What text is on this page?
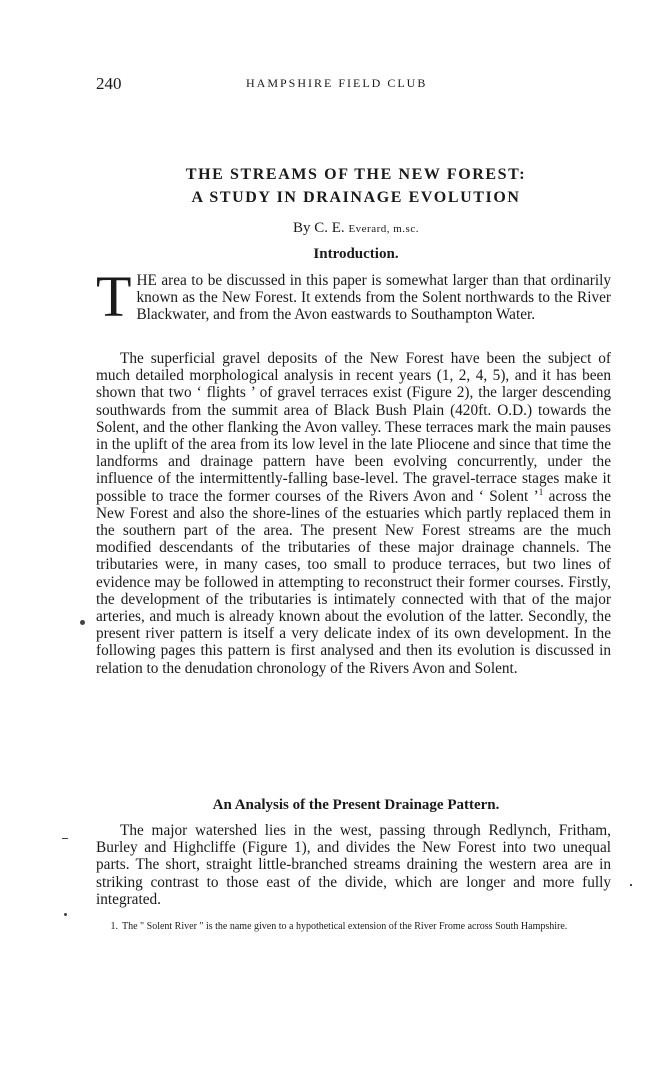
240	HAMPSHIRE FIELD CLUB
THE STREAMS OF THE NEW FOREST:
A STUDY IN DRAINAGE EVOLUTION
By C. E. Everard, m.sc.
Introduction.
THE area to be discussed in this paper is somewhat larger than that ordinarily known as the New Forest. It extends from the Solent northwards to the River Blackwater, and from the Avon eastwards to Southampton Water.
The superficial gravel deposits of the New Forest have been the subject of much detailed morphological analysis in recent years (1, 2, 4, 5), and it has been shown that two ‘ flights ’ of gravel terraces exist (Figure 2), the larger descending southwards from the summit area of Black Bush Plain (420ft. O.D.) towards the Solent, and the other flanking the Avon valley. These terraces mark the main pauses in the uplift of the area from its low level in the late Pliocene and since that time the landforms and drainage pattern have been evolving concurrently, under the influence of the intermittently-falling base-level. The gravel-terrace stages make it possible to trace the former courses of the Rivers Avon and ‘ Solent ’$^1$ across the New Forest and also the shore-lines of the estuaries which partly replaced them in the southern part of the area. The present New Forest streams are the much modified descendants of the tributaries of these major drainage channels. The tributaries were, in many cases, too small to produce terraces, but two lines of evidence may be followed in attempting to reconstruct their former courses. Firstly, the development of the tributaries is intimately connected with that of the major arteries, and much is already known about the evolution of the latter. Secondly, the present river pattern is itself a very delicate index of its own development. In the following pages this pattern is first analysed and then its evolution is discussed in relation to the denudation chronology of the Rivers Avon and Solent.
An Analysis of the Present Drainage Pattern.
The major watershed lies in the west, passing through Redlynch, Fritham, Burley and Highcliffe (Figure 1), and divides the New Forest into two unequal parts. The short, straight little-branched streams draining the western area are in striking contrast to those east of the divide, which are longer and more fully integrated.
1. The " Solent River " is the name given to a hypothetical extension of the River Frome across South Hampshire.
